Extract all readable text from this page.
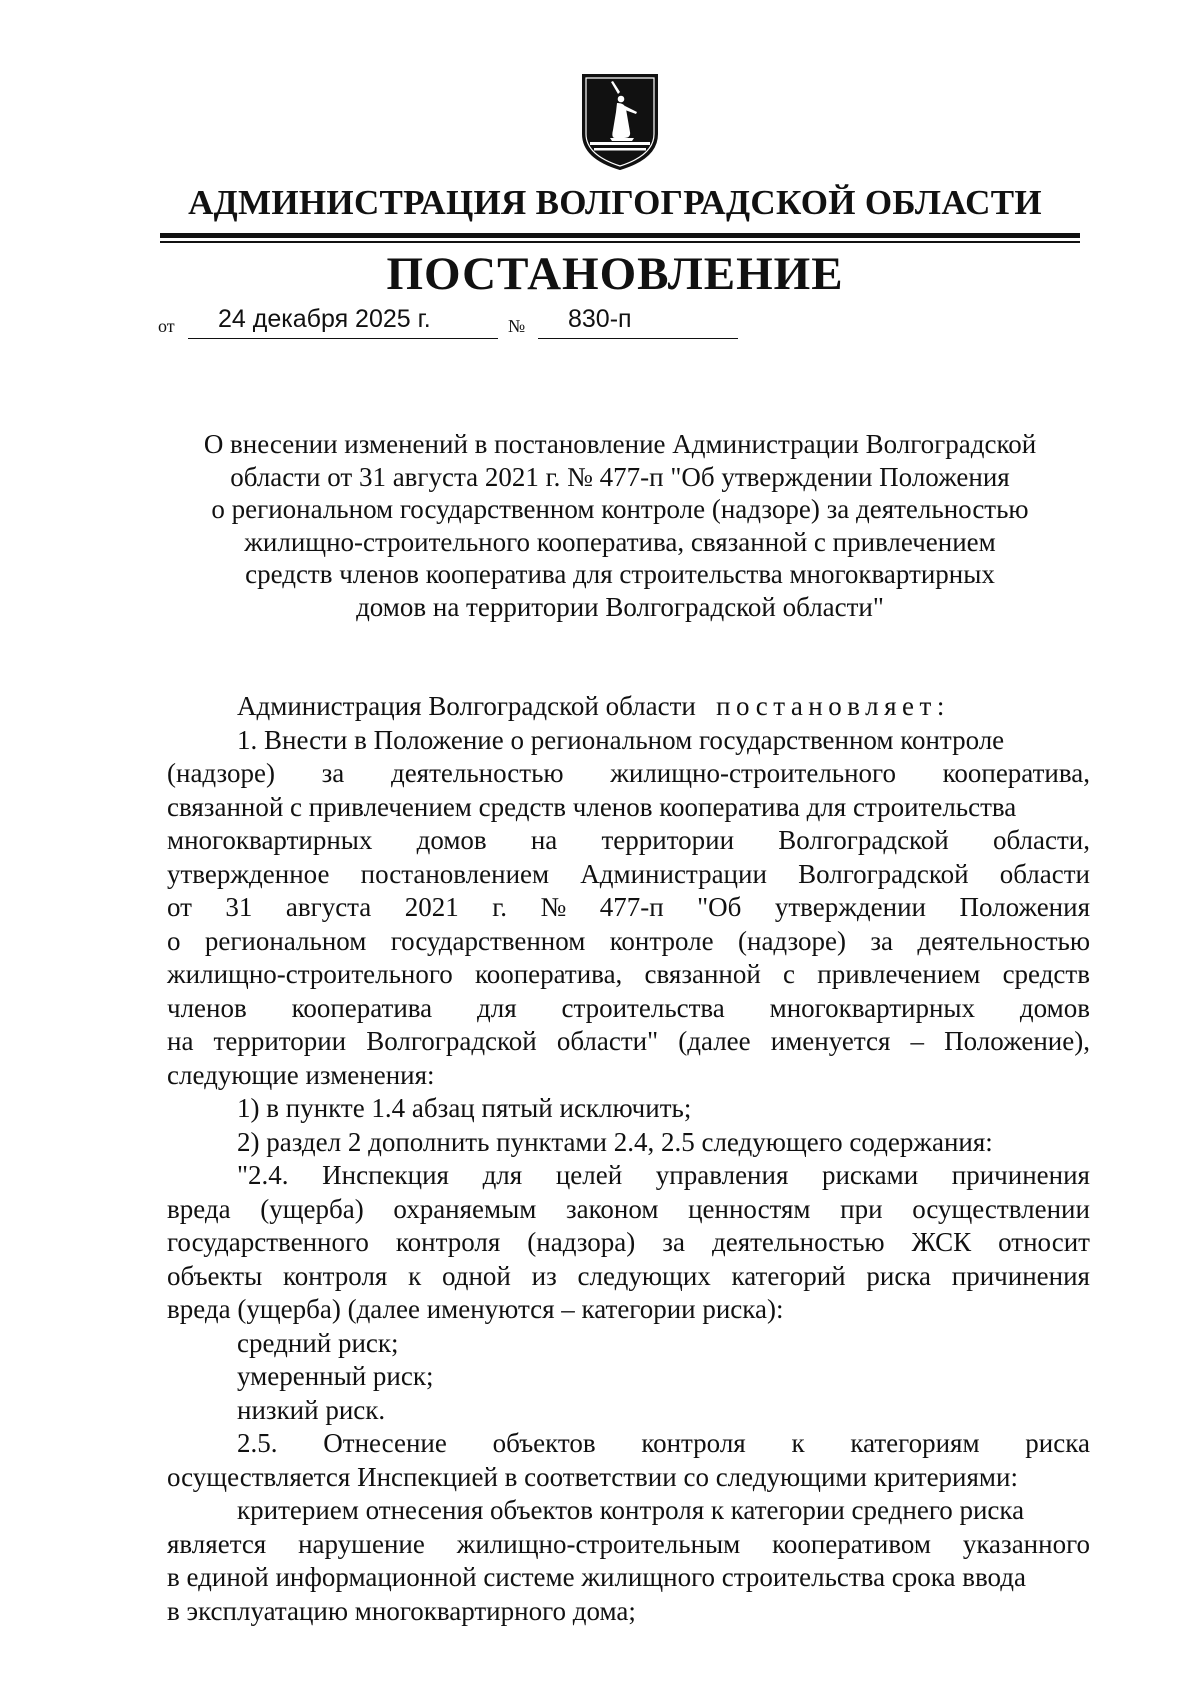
АДМИНИСТРАЦИЯ ВОЛГОГРАДСКОЙ ОБЛАСТИ
ПОСТАНОВЛЕНИЕ
от 24 декабря 2025 г.	№ 830-п
О внесении изменений в постановление Администрации Волгоградской
области от 31 августа 2021 г. № 477-п "Об утверждении Положения
о региональном государственном контроле (надзоре) за деятельностью
жилищно-строительного кооператива, связанной с привлечением
средств членов кооператива для строительства многоквартирных
домов на территории Волгоградской области"
Администрация Волгоградской области постановляет:
1. Внести в Положение о региональном государственном контроле
(надзоре) за деятельностью жилищно-строительного кооператива,
связанной с привлечением средств членов кооператива для строительства
многоквартирных домов на территории Волгоградской области,
утвержденное постановлением Администрации Волгоградской области
от 31 августа 2021 г. № 477-п "Об утверждении Положения
о региональном государственном контроле (надзоре) за деятельностью
жилищно-строительного кооператива, связанной с привлечением средств
членов кооператива для строительства многоквартирных домов
на территории Волгоградской области" (далее именуется – Положение),
следующие изменения:
1) в пункте 1.4 абзац пятый исключить;
2) раздел 2 дополнить пунктами 2.4, 2.5 следующего содержания:
"2.4. Инспекция для целей управления рисками причинения
вреда (ущерба) охраняемым законом ценностям при осуществлении
государственного контроля (надзора) за деятельностью ЖСК относит
объекты контроля к одной из следующих категорий риска причинения
вреда (ущерба) (далее именуются – категории риска):
средний риск;
умеренный риск;
низкий риск.
2.5. Отнесение объектов контроля к категориям риска
осуществляется Инспекцией в соответствии со следующими критериями:
критерием отнесения объектов контроля к категории среднего риска
является нарушение жилищно-строительным кооперативом указанного
в единой информационной системе жилищного строительства срока ввода
в эксплуатацию многоквартирного дома;
